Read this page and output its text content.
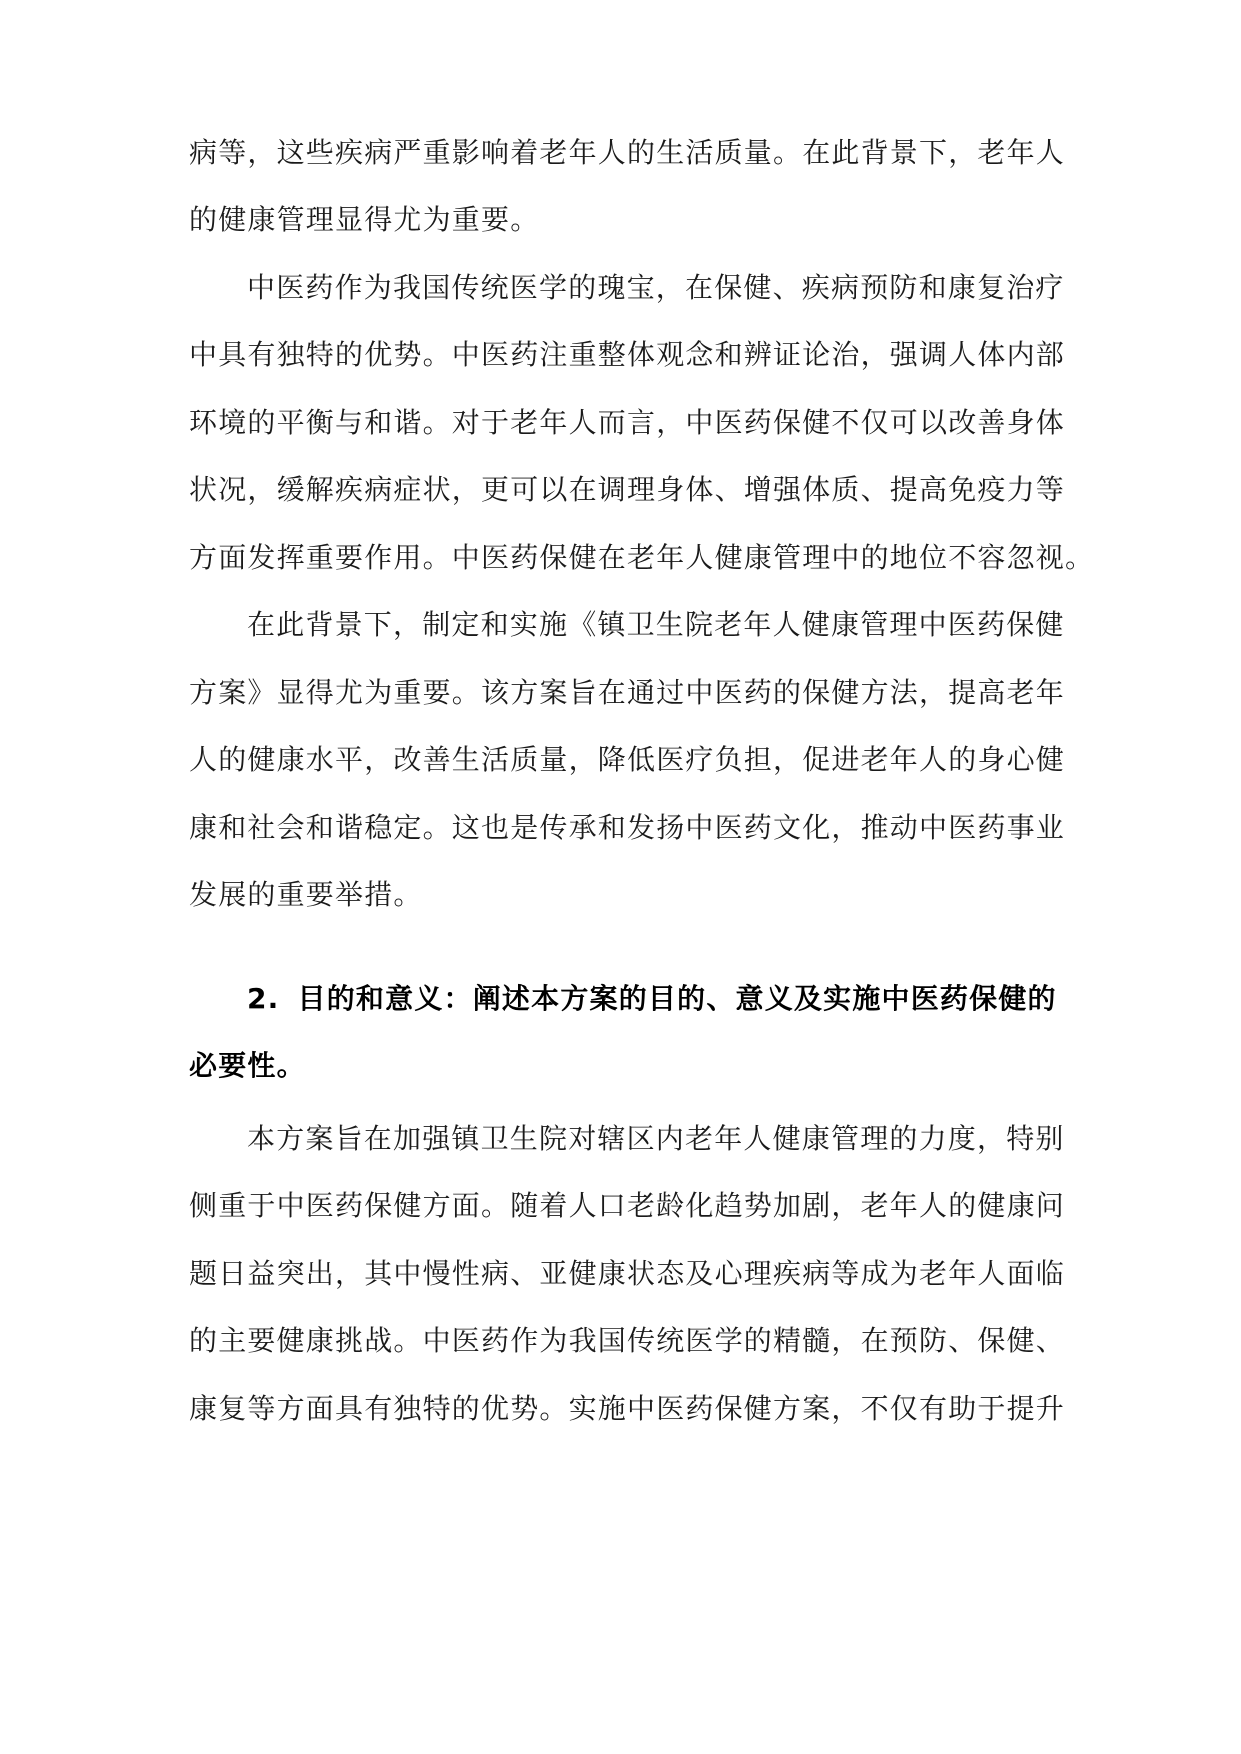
病等，这些疾病严重影响着老年人的生活质量。在此背景下，老年人

的健康管理显得尤为重要。

中医药作为我国传统医学的瑰宝，在保健、疾病预防和康复治疗

中具有独特的优势。中医药注重整体观念和辨证论治，强调人体内部

环境的平衡与和谐。对于老年人而言，中医药保健不仅可以改善身体

状况，缓解疾病症状，更可以在调理身体、增强体质、提高免疫力等

方面发挥重要作用。中医药保健在老年人健康管理中的地位不容忽视。

在此背景下，制定和实施《镇卫生院老年人健康管理中医药保健

方案》显得尤为重要。该方案旨在通过中医药的保健方法，提高老年

人的健康水平，改善生活质量，降低医疗负担，促进老年人的身心健

康和社会和谐稳定。这也是传承和发扬中医药文化，推动中医药事业

发展的重要举措。

2. 目的和意义：阐述本方案的目的、意义及实施中医药保健的

必要性。

本方案旨在加强镇卫生院对辖区内老年人健康管理的力度，特别

侧重于中医药保健方面。随着人口老龄化趋势加剧，老年人的健康问

题日益突出，其中慢性病、亚健康状态及心理疾病等成为老年人面临

的主要健康挑战。中医药作为我国传统医学的精髓，在预防、保健、

康复等方面具有独特的优势。实施中医药保健方案，不仅有助于提升
